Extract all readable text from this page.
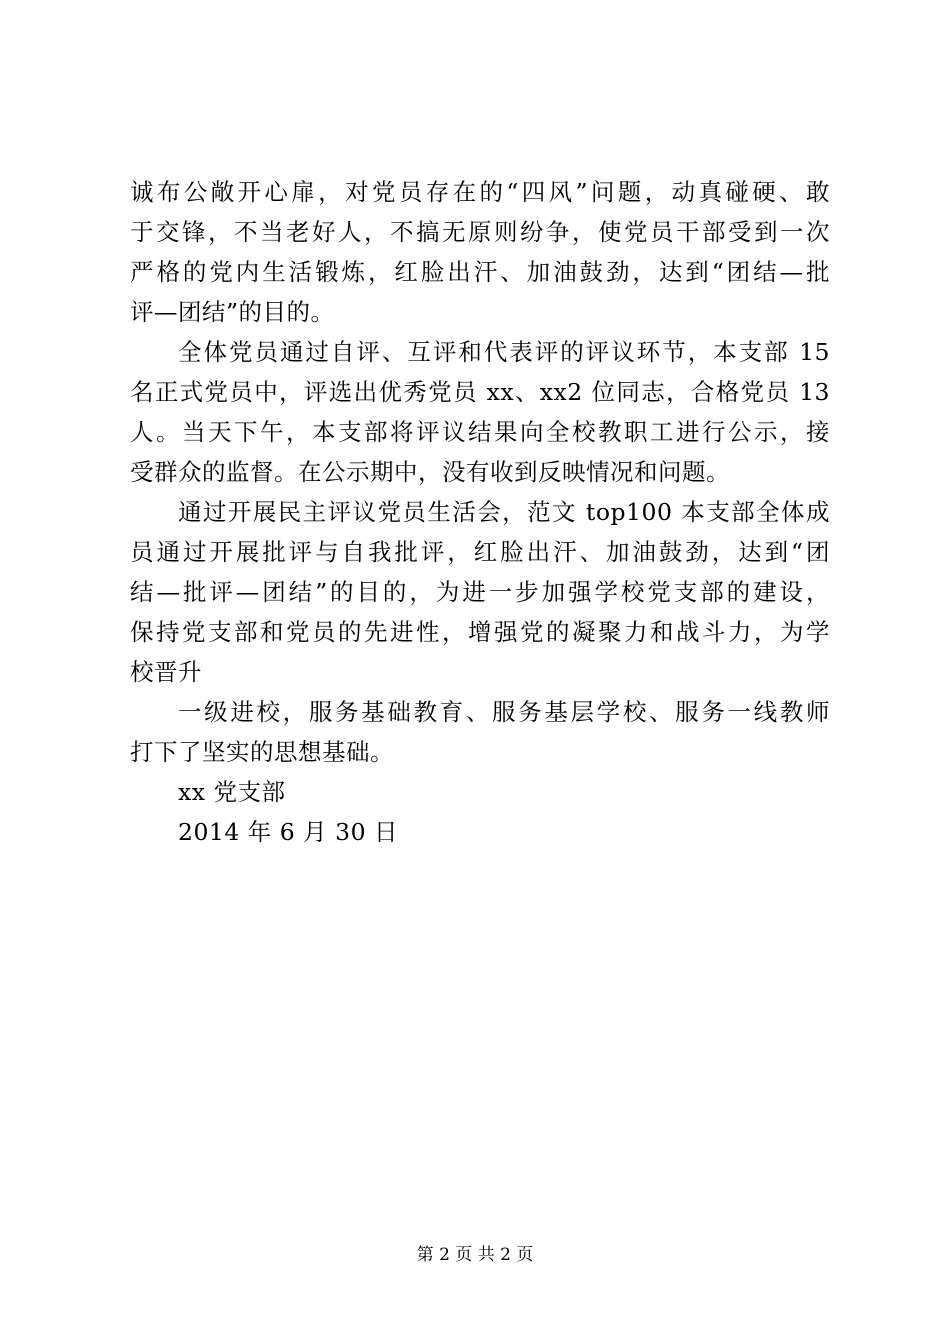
诚布公敞开心扉，对党员存在的“四风”问题，动真碰硬、敢
于交锋，不当老好人，不搞无原则纷争，使党员干部受到一次
严格的党内生活锻炼，红脸出汗、加油鼓劲，达到“团结—批
评—团结”的目的。
全体党员通过自评、互评和代表评的评议环节，本支部 15
名正式党员中，评选出优秀党员 xx、xx2 位同志，合格党员 13
人。当天下午，本支部将评议结果向全校教职工进行公示，接
受群众的监督。在公示期中，没有收到反映情况和问题。
通过开展民主评议党员生活会，范文 top100 本支部全体成
员通过开展批评与自我批评，红脸出汗、加油鼓劲，达到“团
结—批评—团结”的目的，为进一步加强学校党支部的建设，
保持党支部和党员的先进性，增强党的凝聚力和战斗力，为学
校晋升
一级进校，服务基础教育、服务基层学校、服务一线教师
打下了坚实的思想基础。
xx 党支部
2014 年 6 月 30 日
第 2 页 共 2 页
